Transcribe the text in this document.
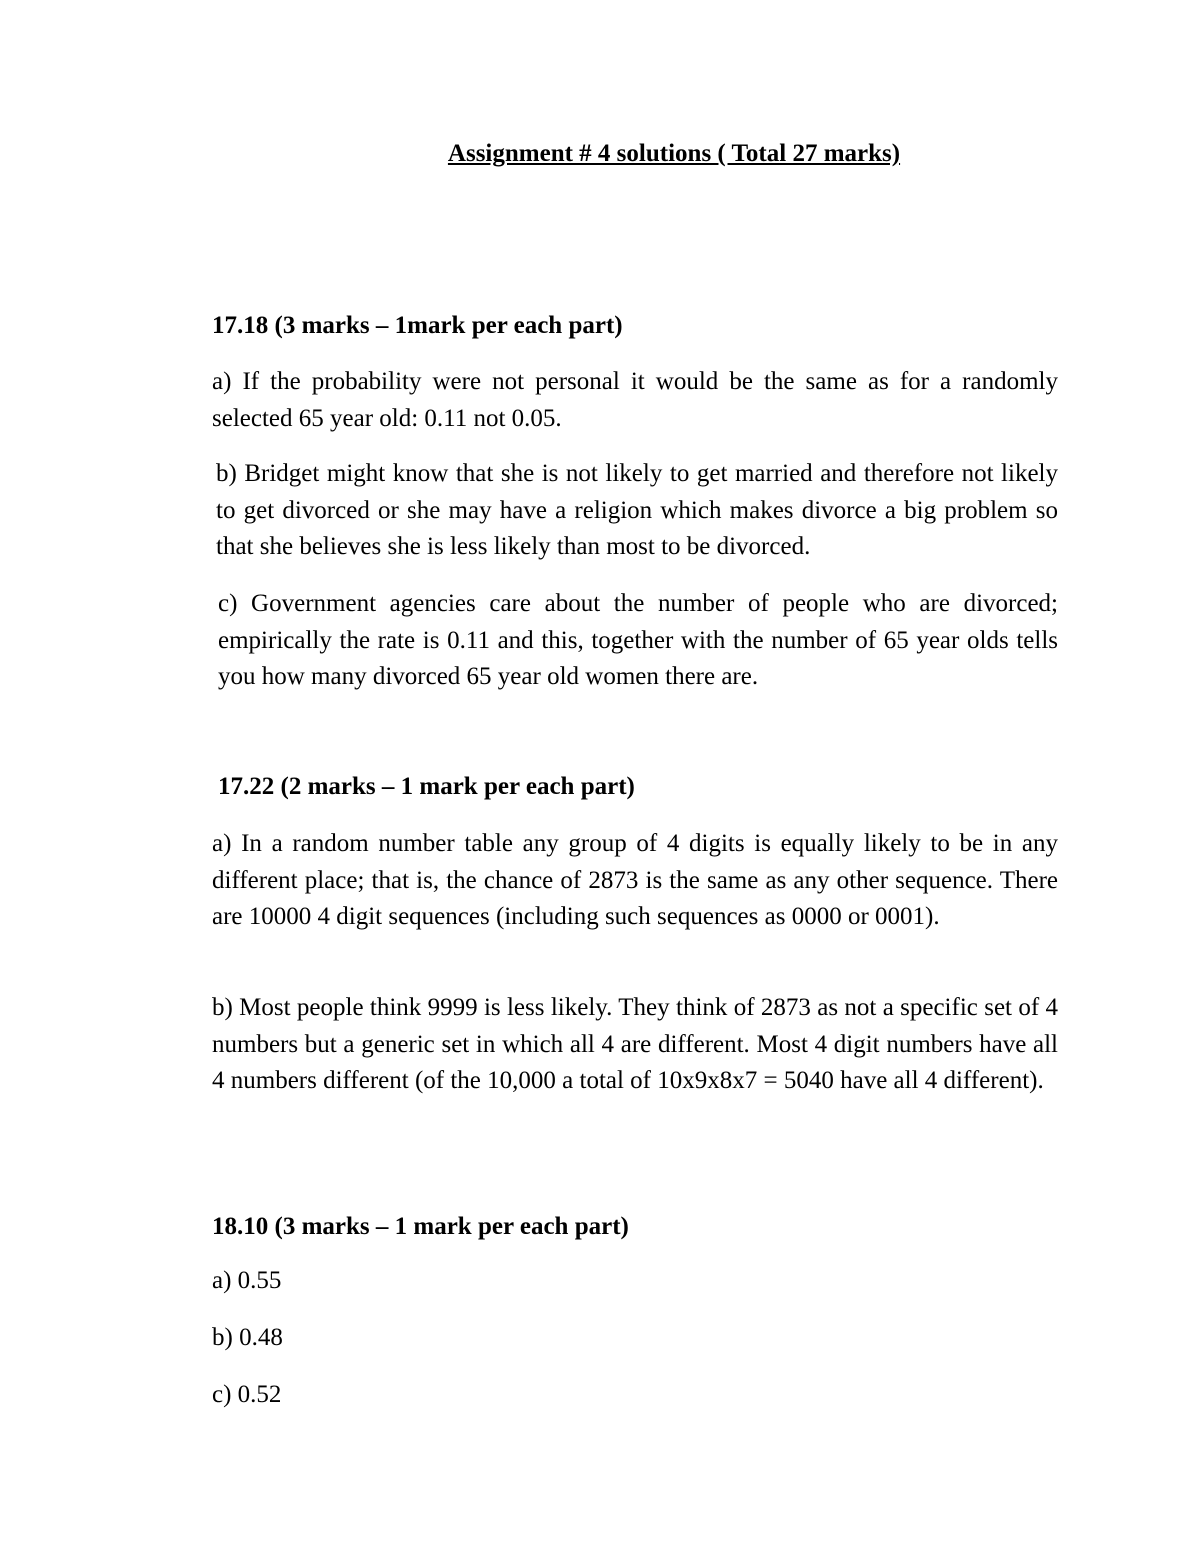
Assignment # 4 solutions ( Total 27 marks)
17.18 (3 marks – 1mark per each part)
a) If the probability were not personal it would be the same as for a randomly selected 65 year old: 0.11 not 0.05.
b) Bridget might know that she is not likely to get married and therefore not likely to get divorced or she may have a religion which makes divorce a big problem so that she believes she is less likely than most to be divorced.
c) Government agencies care about the number of people who are divorced; empirically the rate is 0.11 and this, together with the number of 65 year olds tells you how many divorced 65 year old women there are.
17.22 (2 marks – 1 mark per each part)
a) In a random number table any group of 4 digits is equally likely to be in any different place; that is, the chance of 2873 is the same as any other sequence. There are 10000 4 digit sequences (including such sequences as 0000 or 0001).
b) Most people think 9999 is less likely. They think of 2873 as not a specific set of 4 numbers but a generic set in which all 4 are different. Most 4 digit numbers have all 4 numbers different (of the 10,000 a total of 10x9x8x7 = 5040 have all 4 different).
18.10 (3 marks – 1 mark per each part)
a) 0.55
b) 0.48
c) 0.52
